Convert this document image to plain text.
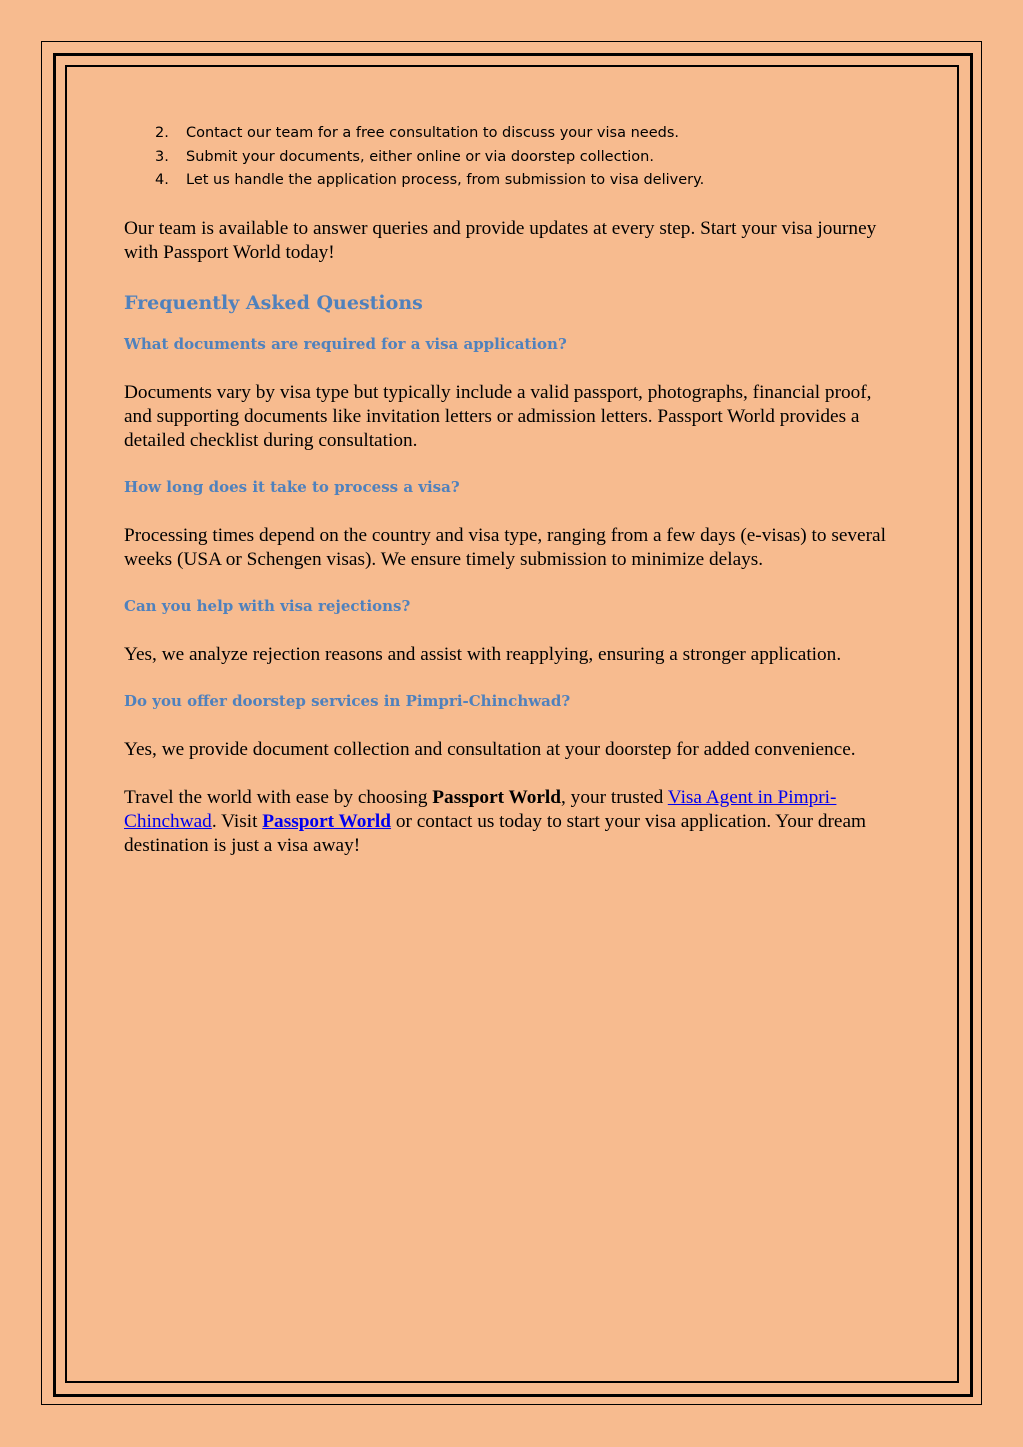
2. Contact our team for a free consultation to discuss your visa needs.
3. Submit your documents, either online or via doorstep collection.
4. Let us handle the application process, from submission to visa delivery.

Our team is available to answer queries and provide updates at every step. Start your visa journey with Passport World today!

Frequently Asked Questions
What documents are required for a visa application?

Documents vary by visa type but typically include a valid passport, photographs, financial proof, and supporting documents like invitation letters or admission letters. Passport World provides a detailed checklist during consultation.

How long does it take to process a visa?

Processing times depend on the country and visa type, ranging from a few days (e-visas) to several weeks (USA or Schengen visas). We ensure timely submission to minimize delays.

Can you help with visa rejections?

Yes, we analyze rejection reasons and assist with reapplying, ensuring a stronger application.

Do you offer doorstep services in Pimpri-Chinchwad?

Yes, we provide document collection and consultation at your doorstep for added convenience.

Travel the world with ease by choosing Passport World, your trusted Visa Agent in Pimpri-Chinchwad. Visit Passport World or contact us today to start your visa application. Your dream destination is just a visa away!
